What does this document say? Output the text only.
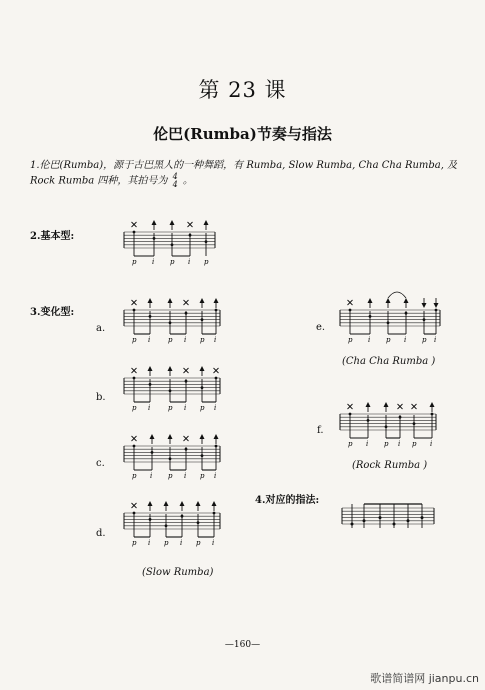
第 23 课
伦巴(Rumba)节奏与指法
1.伦巴(Rumba)，源于古巴黑人的一种舞蹈，有 Rumba, Slow Rumba, Cha Cha Rumba, 及
Rock Rumba 四种，其拍号为 4
4 。
2.基本型:
3.变化型:
4.对应的指法:
a.
b.
c.
d.
e.
f.
(Cha Cha Rumba )
(Rock Rumba )
(Slow Rumba)
p i p i p
p i	p i p i
p i	p i p i
p i p i p i
p i p i p i
p i p i p i
p i p i p i
—160—
歌谱简谱网 jianpu.cn
